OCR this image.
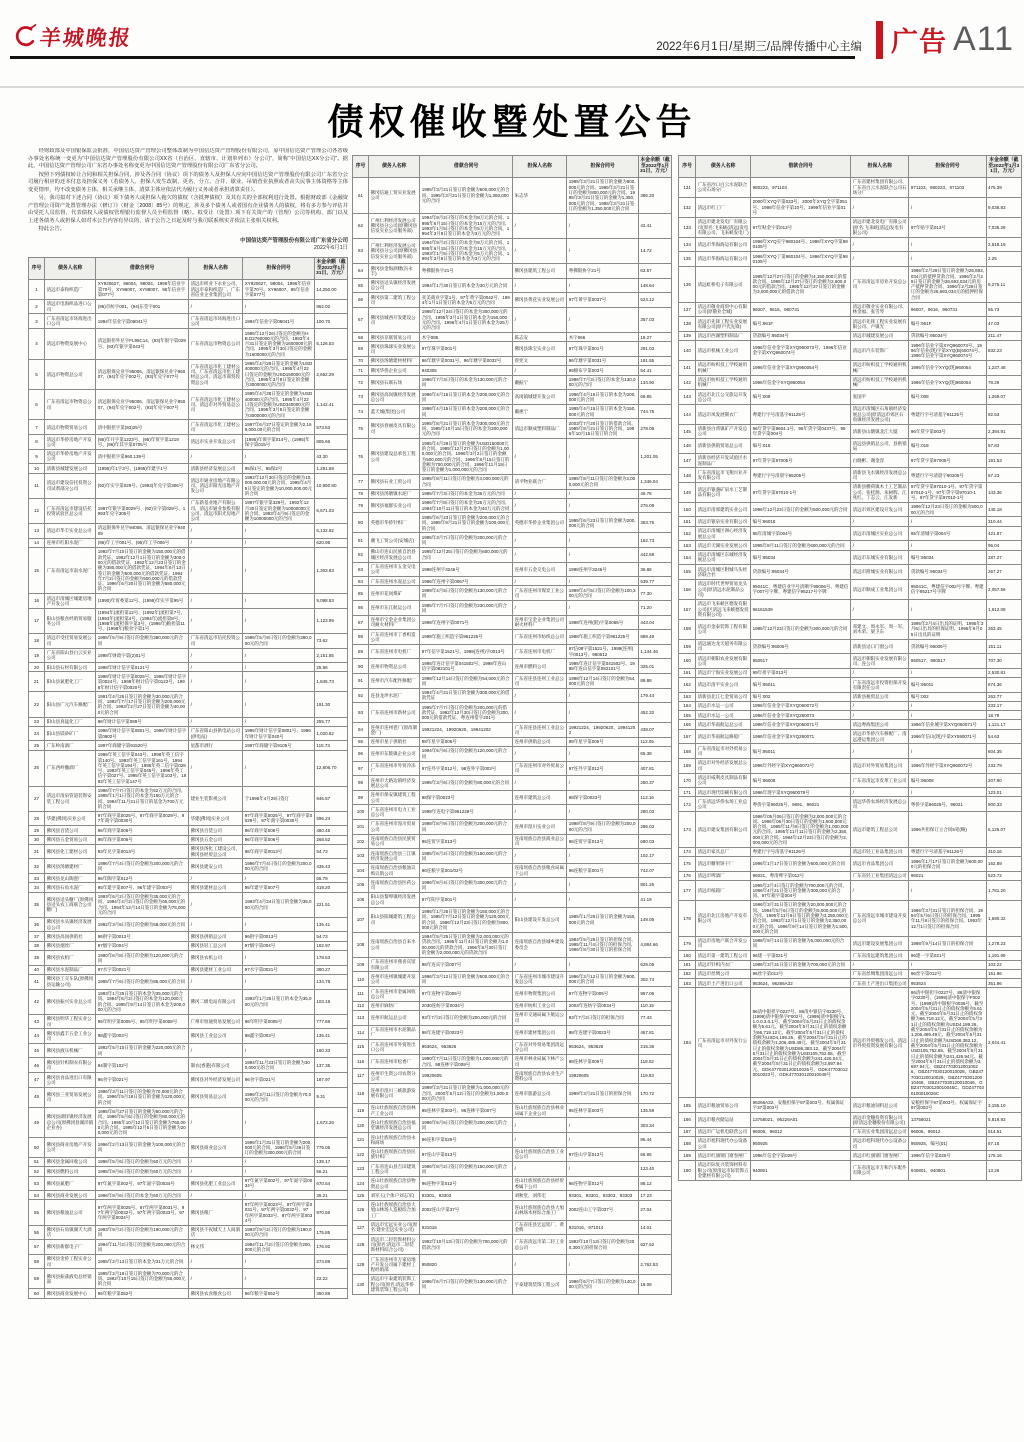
羊城晚报	2022年6月1日/星期三/品牌传播中心主编 广告 A11
债权催收暨处置公告

　　经财政部及中国银保监会批准，中国信达资产管理公司整体改制为中国信达资产管理股份有限公司，原中国信达资产管理公司各省级办事处名称统一变更为“中国信达资产管理股份有限公司XX省（自治区、直辖市、计划单列市）分公司”，简称“中国信达XX分公司”。据此，中国信达资产管理公司广东省办事处名称变更为中国信达资产管理股份有限公司广东省分公司。

　　按照下列债权转让合同和相关担保合同，涉及各合同（协议）项下的债务人及担保人应向中国信达资产管理股份有限公司广东省分公司履行相应的还本付息及担保义务（若债务人、担保人发生改制、更名、分立、合并、歇业、吊销营业执照或者丧失民事主体资格等主体变更情形，均不改变债务主体，相关承继主体、清算主体应依法代为履行义务或者承担清算责任）。

　　另，我司拟对下述合同（协议）项下债务人或担保人拖欠的债权（含抵押债权）及其有关的全部权利进行处置。根据财政部《金融资产管理公司资产处置管理办法（修订）》（财金〔2008〕85号）的规定，涉及多个债务人或者国有企业债务人的债权，将有多方参与评估并由受托人员监督，代表债权人或债权管理银行监督人员全程监督（略）。拟受让（处置）项下有关资产的（管理）公司等机构、部门以及上述各债务人或担保人如对本公告内容有异议的，请于公告之日起及时与我司联系核实并依法主张相关权利。

　　特此公告。

中国信达资产管理股份有限公司广东省分公司
2022年6月1日
序号	债务人名称	借款合同号	担保人名称	担保合同号	本金余额（截至2022年1月31日，万元）
1	清远市泰和织造厂	XY920627、96004、98004、1996年信业字第70号、XY96007、XY98007、95年信业字第077号	清远市织业下永业公司、清远市泰和织造厂、广东省信业企业集团公司	XY920627、98004、1996年信业字第70号、XY96007、95年信业字第077号	14,250.00
2	清远市电海织品进口公司	(96)市纺字001、(94)东莞字001	/	/	862.02
3	广东省清远市环海进出口公司	1994年信业字第06041号	广东省清远市环海进出口公司	1994年信业字第06041号	100.70
4	清远市物资发展中心	清远银担外兑字FL95C14、(93)年银字第029号、(93)年银字第043号	广东省清远市物资总公司	1995年12月26日签定的金额为HB.D2760000元的合同、1993年4月31日签定的金额为1600000元的合同、1995年3月30日签定的金额为1600000元的合同	5,126.53
5	清远市物资总公司	清远银保兑业字95006、清远银保兑业字95007、(94)年兑字002号、(93)年兑字077号	广东省清远市化工建材公司、广东省清远市化工建材总公司、清远市商贸投资总公司	1995年4月28日签定的金额为USD400000元的合同、1995年4月22日签定的金额为USD150000元的合同、1995年3月8日签定的金额为3000000元的合同	2,662.29
6	广东省清远市物资总公司	清远银保兑业字95006、清远银保兑业字95007、(94)年兑字002号、(93)年兑字007号	广东省清远市化工建材公司、清远市对外贸易总公司	1995年4月28日签定的金额为USD400000元的合同、1995年4月22日签定的金额为USD340000元的合同、1995年3月8日签定的金额为3000000元的合同	1,142.41
7	清远市物资贸易公司	清中银担字第(93)25号	广东省清远市化工建材公司	1997年6月27日签定的金额为2,169,000.00元的合同	573.53
8	清远市华侨房地产开发公司	(95)年开字第1223号、(95)年贸字第1219号、(96)年其字第0705号	清远市实业开发总公司	(1995)年保字第014号、(1995)年保字第015号	805.66
9	清远市华侨房地产开发公司	清中银担字第960.139号	/	/	43.30
10	清新县城建发展公司	(1995)年1字3号、(1995)年建字1号	清新县经济发展总公司	95保1号、95保2号	1,291.69
11	清远市建设信托投资公司试剂部分公司	(92)年实字第029号、(1993)年兑字第306号	清远市通业房地产有限公司、清远市阳光房地产开发公司	1992年12月30日签定的金额为10,000,000.00元的合同、1995年4月5日签定的金额为10,000,000.00元的合同	10,950.80
12	广东省清远市建设信托投资试验区总公司	1997年银字第0029号、(92)实字第029号、1993年兑字306号	广东新基业地产有限公司、清远市通业参股有限公司、清远市阳光房地产公司	1997年银字第329号、1992年12月30日签定的金额为10000000元的合同、1993年4月9日签定的金额为10000000元的合同	6,671.03
13	清远市华丰实业总公司	清远银保外兑字94008、清远银保兑业字94009	/	/	6,132.92
14	连州市红阳水泥厂	(95)年工字001号、(95)年工字006号	/	/	620.95
15	广东省清远市南水泥厂	1992年7月10日签订的金额为150,000元的借款凭证、1992年12月1日签订的金额为300,000元的借款凭证、1992年12月23日签订的金额为380,000元的借款凭证、1994年6月13日签订的金额为500,000元的借款凭证、1994年7月2日签订的金额为500,000元的借款凭证、1996年6月20日签订的金额为580,000元的合同	/	/	1,303.93
16	清远市清城区城建房地产开发公司	(1990)年贸委第12号、(1995)年实字第95号	/	/	9,098.83
17	阳山县粮食经销贸易服务公司	(1994年)流担第12号、(1992年)流担第7号、(1993年)流担第4号、(1994年)流担第8号、(1995年)流担保字第3号、(1996年)粮担第11号、(1998年)粮食字第1号	/	/	1,123.99
18	清远市受托贸易发展公司	1995年5月9日签订的金额为380,000元的合同	广东省清远市信托投资公司	1995年5月9日签订的金额为380,000元的合同	73.62
19	广东省阳山县白云实业公司	1998年财政字第(2)01号	/	/	2,151.85
20	阳山县石材有限公司	1998年财计信字第0121号	/	/	25.86
21	阳山县氮肥化工厂	1998年财计信字第0025号、1995年财计信字第0024号、1998年财计信字第0122号、1998年财计信字第0020号	/	/	1,845.73
22	阳山县广元汽车修配厂	1991年4月26日签订的金额为30,000元的合同、1992年7月17日签订的金额为200,000元的合同、1993年2月27日签订的金额为40,000元的合同	/	/	191.30
23	阳山县真锰化工厂	96年财计信字第089号	/	/	255.77
24	阳山县镁砂矿厂	1996年财计信字第0801号、1996年财计信字第0902号	广东省阳山县供电站公司(供电站)	1995年财计信字第0801号、1996年财计信字第040号	1,020.82
25	广东岭南酒厂	1997年商储字第91520号	星都市酒行	1997年商储字第9105号	115.73
26	广东西岭酿酒厂	1996年英工信字第043号、1998年英工信字第140号、1993年英工信字第161号、1994年英工信字第194号、1995年英二信字第028号、1993年英工信字第045号、1996年英工信字第027号、1995年英工信字第103号、1993年英工信字第147号	/	/	12,806.70
27	清远市清泉管道装饰安装工程公司	1996年7月7日签订的本金为52万元的合同、1995年1月1日签订的本金为150万元的合同、1994年11月21日签订的基金为700万元的合同	建业生装影视公司	于1996年4月29日签订	946.57
28	华建(佛冈)实业公司	97年商字第0025号、97年商字第0029号、97年商字第0030号	华建(佛冈)实业公司	97年商字第0025号、97年商字第0029号、97年商字第0030号	596.24
29	佛冈县百货公司	96年商字第006号	佛冈县百货公司	96年商字第006号	480.45
30	佛冈县五金贸易公司	96年商字第006号	佛冈县五金公司	96年商字第006号	268.52
31	佛冈县化工建材公司	93年兑字第0013号	佛冈县汤化工建设公司、佛冈县经贸总公司	96年商字第0013号	54.73
32	佛冈县汤塘建材厂	1996年7月4日签订的金额为200,000元的合同	佛冈县建安公司	1996年7月4日签订的金额为200,000元的合同	435.43
33	佛冈县龙山陶瓷厂	96年陶字第012号	/	/	55.79
34	佛冈县石角水泥厂	95年建字第007号、96年建字第003号	佛冈县建材总公司	95年建字第007号	419.20
35	佛冈县迳头糖厂(原佛冈县迳头农工商联合公司糖厂)	1993年6月2日签订的金额为35,000元的合同、1994年4月2日签订的金额为65,000元的合同、1994年12月14日签订的金额为75,000元的合同	/	1993年4月24日签订的金额为35,000元的合同	221.51
36	佛冈县水头镇经济发展总公司	1992年3月6日签订的金额为58,000元的合同	/	/	135.41
37	佛冈县高岗供销社	96供字第0013号	佛冈县供销总公司	96供字第0013号	54.73
38	佛冈县烟丝厂	97烟字第004号	佛冈县轻工总公司	97烟字第004号	182.97
39	佛冈县农机厂	1990年6月8日签订的金额为120,000元的合同	佛冈县农机公司	/	178.63
40	佛冈县水泥制品厂	97水字第0021号	佛冈县建材工业公司	97水字第0021号	380.27
41	佛冈县工交车队(原佛冈县运输公司)	1995年7月6日签订的金额为85,000元的合同	/	/	134.78
42	佛冈县振兴实业总公司	1993年1月25日签订的本金为35,000元的合同、1994年6月2日签订的本金为120,000元的合同、1995年9月14日签订的本金为200,000元的合同	佛冈二级电站有限公司	1993年1月25日签订的本金为35,000元的合同	103.18
43	佛冈县明华工程实业公司	96年明字第0005号、95年明字第0008号	广州市恒通贸易发展公司	96年明字第0005号	777.69
44	佛冈县鑫丰五金工业公司	98鑫字第003号	佛冈县工业总公司	98鑫字第003号	135.41
45	佛冈县液压机械厂	1992年5月10日签订的金额为220,000元的合同	/	/	160.33
46	佛冈县针织制衣有限公司	94制字第102号	制衣(香港)有限公司	1994年11月23日签订的金额为300,000元的合同	137.35
47	佛冈县食品进出口有限公司	96食字第021号	佛冈县对外经济发展公司	96食字第021号	187.97
48	佛冈县三亚贸易发展公司	1996年3月11日签订的金额为70,000元的合同、1996年5月18日签订的金额为120,000元的合同	佛冈县贸易总公司	1996年3月11日签订的金额为70,000元的合同	9.31
49	佛冈县湖洋镇经济发展总公司(原佛冈县湖洋镇企业办)	1995年8月27日签订的金额为50,000元的合同、1996年5月6日签订的金额为80,000元的合同、1995年10月12日签订的金额为760,000元的合同、1995年12月5日签订的金额为200,000元的合同	/	/	1,673.26
50	佛冈县商业房地产开发公司	1996年2月13日签订的金额为100,000元的合同	佛冈县商业总公司	1996年1月31日签订的金额为200,000元的合同、1996年5月26日签订的金额为300,000元的合同	775.05
51	佛冈县金属回收公司	1996年5月6日签订的金额为60万元的合同	/	/	139.17
52	佛冈县燃料公司	1995年9月6日签订的金额为60万元的合同	/	/	56.21
53	佛冈县氮肥厂	97年氮字第002号、97年氮字第0034号	佛冈县化肥工业总公司	97年氮字第002号、97年氮字第0034号	670.54
54	佛冈县商业发展公司	1996年9月6日签订的本金为60万元的合同	/	/	36.21
55	佛冈县粮油总公司	97年两字第0025号、97年两字第0031号、97年两字第0032号、97年两字第0033号、97年两字第0034号	佛冈县粮厂	97年两字第0023号、97年两字第0031号、97年两字第0032号、97年两字第0033号、97年两字第0034号	970.56
56	佛冈县石角镇湖天大酒店	1993年9月2日签订的金额为190,000元的合同	佛冈县不夜城天上人间酒店	1993年9月2日签订的金额为190,000元的合同	175.85
57	佛冈县新群电子厂	1994年11月2日签订的金额为200,000元的合同	林文伟	1994年11月2日签订的金额为200,000元的合同	176.92
58	佛冈县金侨工程实业公司	1995年2月13日签订的本金为31万元的合同	/	/	274.89
59	佛冈县振荡液电总经销部	1995年2月18日签订的金额为70,000元的合同、1992年10月15日签订的金额为50,000元的合同	/	/	22.22
60	佛冈县商业发展中心	96年粮字第052号	佛冈县农食粮食公司	96年粮字第052号	350.89
序号	债务人名称	借款合同号	担保人名称	担保合同号	本金余额（截至2022年1月31日，万元）
61	佛冈信通工贸实业发展公司	1995年3月21日签订的金额为600,000元的合同、1995年3月21日签订的金额为1,350,000元的合同	朱志华	1995年3月21日签订的金额为600,000元的合同、1995年3月21日签订的金额为800,000元的合同、1995年3月21日签订的金额为1,350,000元的合同、1995年3月21日签订的金额为1,350,000元的合同	386.20
62	广州仁利经济发展公司佛冈县分公司(原佛冈县信发实业公司服务部)	1994年9月2日签订的本金为8万元的合同、1995年6月15日签订的本金为15万元的合同、1993年1月5日签订的本金为5万元的合同、1994年3月8日签订的本金为3万元的合同	/	/	42.41
63	广州仁利经济发展公司佛冈县分公司(原佛冈县信发实业公司服务部)	1994年9月2日签订的本金为8万元的合同、1995年6月15日签订的本金为15万元的合同、1993年1月5日签订的本金为5万元的合同、1994年3月8日签订的本金为3万元的合同	/	/	14.72
64	佛冈县金海酒楼(冯永丰)	粤佛银协字21号	佛冈县建筑工程公司	粤佛银协字21号	63.57
65	佛冈县迳头镇经济发展总公司	1994年1月30日签订的本金为30万元的合同	/	/	148.64
66	佛冈县第二建筑工程公司	亚美商业字第1号、97年黄字第0042号、1994年1月1日签订的本金为5万元的合同	佛冈县黄花实业发展公司	97年黄字第0037号	524.12
67	佛冈县城西开发建设公司	1995年12月24日签订的本金为300,000元的合同、1995年3月1日签订的本金为150,000元的合同、1996年4月1日签订的本金为25万元的合同	/	/	357.03
68	佛冈县京联贸易公司	木字085	陈志安	木字066	19.27
69	佛冈县珠球实业发展公司	97年珠字第001号	佛冈县珠宝实业公司	97年珠字第001号	291.03
70	佛冈县汤塘建材材料厂	96年塘字第0031号、96年塘字第0032号	曾宪文	96年塘字第0031号	191.55
71	佛冈华侨企业公司	940305	/	95棉布字第003号	54.41
72	佛冈县石联石场	1996年7月3日签订的本金为130,000元的合同	戴振宁	1996年7月3日签订的本金为130,000元的合同	134.90
73	佛冈县高岗镇经济发展总公司	1996年4月15日签订的本金为200,000元的合同	高岗镇城建开发公司	1996年4月15日签订的本金为200,000元的合同	69.85
74	蓝天城(集团)公司	1996年4月15日签订的本金为200,000元的合同	戴惠宁	1995年4月15日签订的本金为150,000元的合同	744.75
75	佛冈县春丽皮具有限公司	1995年8月21日签订的本金为300,000元的合同、1995年10月15日签订的本金为200,000元的合同	清远市顺成塑料制品厂	2003年7月20日签订的借款合同、1995年8月21日签订的合同、1995年10月15日签订的合同	278.08
76	佛冈县建设总承包工程公司	1995年4月28日签订的金额为USD150000元的合同、1995年12月27日签订的金额为1,000,000元的合同、1996年3月2日签订的金额为500,000元的合同、1996年8月15日签订的金额为700,000元的合同、1996年11月19日签订的金额为1,000,000元的合同	/	/	1,201.05
77	佛冈县石业工贸公司	1995年8月11日签订的金额为3,000,000元的合同	清平物业联合厂	1995年8月11日签订的金额为3,000,000元的合同	1,346.04
78	佛冈县汤塘镇水泥厂	1995年7月3日签订的本金为35万元的合同	/	/	46.76
79	佛冈县福群实业公司	1996年7月8日签订的本金为25万元的合同、1994年10月11日签订的本金为40万元的合同	/	/	276.08
80	英德市华侨针织厂	1995年6月23日签订的金额为200,000元的合同、1995年9月21日签订的金额为100,000元的合同	英德市华侨企业集团公司	1995年6月23日签订的金额为200,000元的合同	363.76
81	潮飞工贸公司(安城店)	1995年3月7日签订的金额为200,000元的合同	/	/	162.73
82	佛山市连山民族自治县城区经济发展总公司	1995年12月25日签订的金额为600,000元的合同	/	/	442.58
83	广东省连州市五金交电公司	1998连州字3246号	连州市五金交电公司	1998连州字3246号	36.86
84	广东省连州水泥总公司	1996年连州字第0067号	/	/	539.77
85	连州市花岗煤矿	1999年4月5日签订的金额为130,000元的合同	广东省连州市煤炭工业公司	1999年4月5日签订的金额为100,300元的合同	77.30
86	连州市东江航运公司	1995年7月7日签订的金额为230,000元的合同	/	/	71.20
87	连州市宝金企业集团公司耐火材料厂	1998年连州字第0071号	连州市宝金企业集团公司耐火材料厂	1998年连州(银)字第0066号	443.04
88	广东省连州市丁香织造公司	1998年施工织造字第961225号	广东省连州市纺织总公司	1998年施工织造字第961225号	889.49
89	广东省连州市电机厂	97年信字第1521号、1999(连州)字0013号	广东省连州市电机厂	97信08字第1521号、1999(连州)字0013号、980512	1,144.46
90	连州市物资总公司	1995年连计信字第041502号、1998年连山信字第082101号	连州市燃料公司	1995年连计信字第041502号、1998年连山信字第082101号	325.01
91	连州市汽车配件修配厂	1998年12月14日签订的金额为54,000元的合同	广东省连县连州工业总公司	1998年12月14日签订的金额为54,000元的合同	89.88
92	连县龙坪水泥厂	1994年4月21日签订的金额为300,000元的借款凭证	/	/	179.44
93	广东省连州市新材公司	1995年7月7日签订的金额为200,000元的借款凭证、1992年12月30日签订的金额为200,000元的借款凭证、粤连州借字201号	/	/	452.32
94	连州市连州瓷厂(原改制瓷厂)	19921224、19920620、19941202	广东省连县连州工业总公司	19921224、19920620、19941202	438.07
95	连州市星子供销社	98年星字第005号	连州市供销总公司	98年星字第005号	112.05
96	连州市东陂镇企业公司	1994年5月6日签订的金额为120,000元的合同	/	/	65.38
97	广东省连州市外贸冷冻厂	97连外字第012号、98连外字第003号	广东省连州市对外贸易公司	97连外字第012号	407.81
98	连州市大路边镇经济发展总公司	1995年3月6日签订的金额为80,000元的合同	/	/	250.37
99	连州市保安镇建筑工程公司	98保字第0023号	连州市建筑总公司	98保字第0023号	113.16
100	广东省连州市电力工业总公司	1998年连电字第961228号	/	/	280.03
101	广东省连州市湟川贸易公司	1998年8月9日签订的金额为200,000元的合同	连州市湟川实业公司	1998年8月9日签订的金额为200,000元的合同	286.03
102	连南瑶族自治县民族贸易公司	96连贸字第013号	连南瑶族自治县商业总公司	96连贸字第013号	680.03
103	连南瑶族自治县三江镇经济发展公司	1995年6月2日签订的金额为150,000元的合同	/	/	102.17
104	连南瑶族自治县粮油议购议销公司	96连粮字第001/02号	连南瑶族自治县粮食局属下公司	96连粮字第001号	742.07
105	连南瑶族自治县医药公司	1996年9月4日签订的金额为300,000元的合同	/	/	801.26
106	阳山县黎埠镇经济发展总公司	97年阳字第001号	/	/	41.19
107	阳山县阳城建筑工程公司	1995年1月25日签订的金额为150,000元的合同、1995年7月12日签订的金额为120,000元的合同、1996年12月23日签订的金额为800,000元的合同	阳山县建设开发总公司	1995年1月25日签订的金额为150,000元的合同	149.06
108	连南瑶族自治县自来水公司	1994年5月25日签订的金额为2,003,000元的贷款合同、1995年11月4日签订的金额为1,000,000元的贷款合同、1996年8月30日签订的金额为2,000,000元的贷款合同	连南瑶族自治县城乡建设委员会	1994年5月25日签订的担保合同、1995年11月4日签订的担保合同、1996年8月30日签订的担保合同	4,884.66
109	广东省连州市燕喜宾馆有限公司	98年连宾字第007号	/	/	629.05
110	连州市连州镇城建开发公司	1996年3月12日签订的金额为500,000元的合同	广东省连州市城市建设开发总公司	1996年3月12日签订的金额为500,000元的合同	302.74
111	广东省连州市金属回收总公司	97年连物字第005号	连州市物资集团公司	97年连物字第005号	957.06
112	连州市麻纺厂	2030连纺字第0034号	连州市纺织工业公司	2003年连纺字第0034号	110.15
113	连州市航运总公司	93年7月2日签订的金额为200,000元的合同	连州市交通局属下航运公司	93年7月2日签订的担保合同	77.43
114	广东省连州市水泥制品厂	98年连建字第0023号	连州市建材集团公司	98年连建字第0023号	467.81
115	广东省连州市外贸进出口公司	953624、953626	广东省对外贸易集团清远分公司	953624、953626	215.36
116	广东省连州市松香厂	1990年7月11日签订的金额为1,000,000元的合同、98连林字第009号	连州市林业局属下林产公司	98连林字第009号	118.02
117	连州市生资公司农资分公司	19920605	连南瑶族自治县农业生产资料公司	19920605	119.83
118	连州市湟川三峡旅游发展有限公司	1999年3月21日签订的金额为1,000,000元的合同、2000年5月12日签订的金额为1,500,000元的合同	连州市旅游总公司	1999年3月21日签订的担保合同	170.72
119	连山壮族瑶族自治县林产工业公司	95连林字第003号、96连林字第007号	连山壮族瑶族自治县林业局属下企业公司	95连林字第003号	135.59
120	连山壮族瑶族自治县福堂镇经济发展总公司	1996年5月6日签订的金额为200,000元的合同	/	/	303.34
121	连山壮族瑶族自治县永和商场	96连和字第029号	/	/	86.44
122	连山壮族瑶族自治县民族针织厂	97连山字第013号	连山壮族瑶族自治县工业总公司	97连山字第013号	66.95
123	广东省连山县吉田建筑工程公司	1996年8月2日签订的金额为150,000元的合同	/	/	123.40
124	连山壮族瑶族自治县物资总公司	96连物字第012号	连山壮族瑶族自治县经贸委属下公司	96连物字第012号	88.12
125	刘军玉(个体户刘志军)	93301、93303	刘秋堂、刘伟宏	93301、93301、93303、93303	17.23
126	连山壮族瑶族自治县大旭山林场人造板综合加工厂	2002连山字第37号	连山壮族瑶族自治县大旭山林场木材综合加工厂	2002连山工字第037号	27.04
127	清远市宏远实业公司(原名:建业宏远实业公司)	931016	广东省连县宏远铝厂、黄金辉	931016、971014	14.01
128	清远市二轻装饰材料公司(原名:清远市二轻装饰材料综合公司)	1992年10月13日签订的金额为700,000元的借款合同	广东省清远市第二轻工业总公司	1992年10月13日签订的金额为200,300元的担保合同	627.52
129	广东省连州市万家房地产开发公司属下建材工程经销部	950820	/	/	2,762.53
130	清远市宇泰建筑装饰工程公司(原名:清远华侨建筑装饰工程公司)	1996年6月7日签订的金额为130,000元的合同	宇泰建筑装饰工程公司	1996年6月7日签订的金额为140,000元的合同	19.08
序号	债务人名称	借款合同号	担保人名称	担保合同号	本金余额（截至2022年1月31日，万元）
131	广东省沙口白云水泥联合公司石场分厂	980223、971103	广东省建材集团有限公司、广东省白云水泥联合公司石场分厂	971103、980223、971103	476.39
132	清远市红工厂	2000年XYQ字第033号、2000年XYQ全字第051号、1998年信业字第10号、1999年信业字第01号	/	/	9,036.83
133	清远市建北发电厂有限公司(原名:飞来峡(清远)发电有限公司、飞来峡发电厂)	97年贴金字第013号	清远市建北发电厂有限公司(原名:飞来峡(清远)发电有限公司)	97年贴字第013号	7,035.28
134	清远市华海海运有限公司	1996年XYQ实字980104号、1996年XYQ字第980105号	/	/	2,618.19
135	清远市华海海运有限公司	1996年XYQ丁第980104号、1996年XYQ字第980105号	/	/	2.25
136	清远虹桥电子有限公司	1995年12月27日签订的金额为4,150,000元的借款合同、1995年12月27日签订的金额为2,600,000元的借款合同、1995年12月27日签订的金额为3,000,000元的借款合同	广东省清远市房业开发总公司	1996年2月29日签订的金额为26,693,034元的抵押贷款合同、1996年2月29日签订的金额为26,693,034元的房产抵押贷款合同、1996年2月29日签订的金额为26,693,034元的抵押担保合同	6,275.11
137	清远市敬业商贸中心有限公司(原敬业全城)	96007、9616、960731	清远市敬业实业有限公司、林金福、张雪琴	96007、9616、960731	55.73
138	清远市先锋工程实业发展有限公司(原卢氏先锋)	编号:961F	清远市先锋工程实业发展有限公司、卢镇光	编号:961F	47.03
139	清远市西湖塑料制品厂	贷款编号:95034号	清远市城建发展公司	贷款编号:95034号	211.47
140	清远市机械工业公司	1996年信业金字第XYQ960073号、1996年信业金字第XYQ960074号	清远市汽车装饰厂	1996年信业字第XYQ960073号、1996年信业(现)字第XYQ(B)60074号、1996年信业字第XYQ960074号	832.23
141	清远市纺织技工学校通用机械厂	1996年信业金字第XYQ960054号	清远市纺织技工学校通用机械厂	1996年信业字XYQ(现)960054	1,237.48
142	清远市纺织技工学校通用机械厂	1996年信金字XYQ960054	清远市纺织技工学校通用机械厂	1996年信业字XYQ(现)960054	78.29
143	清远市北江公交旅运开发总公司	编号:008	张国平	编号:008	1,269.07
144	清远市凤发展制衣厂	粤建行字号清基字91125号	清远市清城区石角镇经济发展总公司(原清远市郊区石角镇经济发展公司)	粤建行字号清基字91125号	92.53
145	清新县白湾镇矿产开发总公司	96年贷字第9604.1号、96年贷字第0437号、99年贷字第004号	清新县山塘镇北江大厦	96年贷字第003号	2,394.91
146	清新县供销贸易总公司	编号:018	清远县供销总公司、县供销局	编号:018	57.83
147	清新县经济开发试验区水泥制品厂	97年贷字第97005号	白晓彬、谢金容	97年贷字第97005号	191.53
148	广东省清远市飞翔兴业开发有限公司	粤建行字号清晨字95205号	清新县飞水镇经济发展总公司	粤建行字号清晨字90205号	67.23
149	清远市银盏矿泉水工艺制品有限公司	97年贷字第97010-1号	清新县横荷镇木土工艺制品公司、张桂源、朱树辉、江兆红、丁志云、江发新	97年贷字第97010-1号、97年贷字第97010-1号、97年贷字第97010-1号、97年贷字第97010-1号	143.36
150	清远市清郊建筑实业公司	1996年12月23日签订的金额为500,000元的合同	清远市郊区建设开发公司	1996年12月23日签订的金额为500,000元的合同	145.18
151	清远市银泉实业有限公司	编号:96018	/	/	310.44
152	清远市清城区洲心经济发展总公司	95年清城字第004号	清远市清城区实业总公司	95年清城字第004号	421.87
153	清远市天湖实业发展公司	1995年8月11日签订的金额为600,000元的合同	/	/	96.04
154	清远市清城区东城经济发展总公司	编号:95034	清远市东城实业有限公司	编号:95034	287.27
155	清远市清城区附城马头经济联合社	贷款编号:95034号	清远市附城实业有限公司	贷款编号:95034号	267.27
156	清远市时代世界贸易龙头公司(原清远水泥制品公司)	95041C、粤建信业字号清顺字95006号、粤建信字007号字牌、粤建信字95217号字牌	清远市顺成工业集团公司	95041C、粤建信字002号字牌、粤建信字95217号字牌	2,057.56
157	清远市飞来峡区德发有限公司(区清远飞来峡德发投资有限公司)	96161539	/	/	1,612.08
158	清远市金泰装饰工程有限公司	1995年12月23日签订的金额为300,000元的合同	邓建文、周永军、周一军、刘木荣、梁卫东	1995年2月4日出具的证明、1995年3月6日出具的担保证明、1996年9月05日出具的证明	263.45
159	清远通达龙天船务有限公司	贷款编号:96005号	清新县迳口门窗公司	贷款编号:96005号	151.11
160	清远市朝阳农业发展有限公司	950517	清远市朝阳实业发展有限公司、连公司	950517、950517	707.30
161	清远市宁海实业发展公司	99年担字第013号	/	/	2,530.81
162	清远市清平实业公司	编号:95011	广东省清远市投资担保开发有限责任公司	编号:95011	674.36
163	清新县北江七金贸易公司	编号:002	清新县税贸总公司	编号:002	263.77
164	清远市水运一公司	1996年信业金字第XYQ060072号	/	/	233.17
165	清远市水运一公司	1996年信业金字第XYQ280073	/	/	18.79
166	清远市华南航运总公司	1996年信业金字第XYQ060071号	清远粤海集团公司	1996年信业城字第XYQ060071号	1,121.17
167	清远市华南航运修船厂	1996年信业金字第XYQ280071	清远市华侨汽车修配厂、清远港运集团公司	1996年信山(现)字第XY590071号	54.63
168	广东省清远市对外贸易公司	编号:95011	/	/	604.35
169	清远市对外经济发展总公司	1996年外经字第XYQ960072号	清远市对外贸易集团公司	1996年外经字第XYQ960072号	233.79
170	清远市威利皮具制品有限公司	编号:96008	广东省清远市皮革工业公司	编号:96008	207.90
171	清远市现代印刷有限公司	1996年现字第XYQ960078号	/	/	123.01
172	广东清远华侨农场工业总公司	粤侨字第96025号、9691、96021	清远华侨农场经济发展总公司	粤侨字第96025号、96021	900.33
173	清远市建安集团有限公司	1996年05月06日签订的金额为2,000,000元的合同、1996年06月30日签订的金额为1,500,000元的合同、1995年11月8日签订的金额为1,000,000元的合同、1995年11月11日签订的金额为2,350,000元的合同、1994年12月23日签订的金额为3,000,000元的合同	清远市建筑工程总公司	1996共担保订立合同5笔(略)	5,125.07
174	清远市家具总厂	粤建行字号清基字91126号	清远市轻工业品集团公司	粤建行字号清基字91126号	310.16
175	清远市糖果饼干厂	1996年1月17日签订的金额为600,000元的合同	清远市食品集团公司	1996年1月17日签订的金额为600,000元的担保合同	162.89
176	清远市啤酒厂	96021、粤清啤字第012号	广东省轻工业集团清远公司	96021	523.72
177	清远市纸箱厂	1995年2月4日签订的金额为700,000元的合同、1996年4月21日签订的金额为300,000元的合同、97年箱字第004号	/	/	1,781.20
178	清远市北江房地产开发有限公司	1996年3月31日签订的金额为20,000,000元的合同、1994年5月6日签订的金额为5,000,000元的合同、1995年11月8日签订的金额为3,250,000元的合同、1993年12月1日签订的金额为2,350,000元的合同、1996年9月14日签订的金额为1,500,000元的合同	广东省清远市城市建设开发总公司	1996年3月31日签订的担保合同、1994年5月6日签订的担保合同、1995年11月8日签订的担保合同、1993年12月1日签订的担保合同	1,690.32
179	清远市房地产联合开发公司	1998年9月14日签订的金额为5,000,000元的合同	清远市建设发展集团公司	1998年9月14日签订的担保合同	1,278.23
180	清远市第一建筑工程公司	96建一字第021号	广东省清远建筑集团公司	96建一字第021号	1,191.99
181	清远市针织内衣厂	1996年3月31日签订的金额为700,000元的合同	/	/	103.22
182	清远市丝绸公司	96丝字第012号	广东省丝绸集团清远公司	96丝字第012号	151.96
183	清远市土产进出口公司	953624、96266A32	广东省土产进出口集团公司	953624	351.96
184	广东省清远市对外发行公司	86清中银担字0227号、86清中银信字0230号、(1999)清中银保字F002号、(1999)清中银根字L1.0.0.3.0.1号、截至2004年5月31日止的债权余额为5.61元、截至2004年5月31日止的债权余额为66,719.12元、截至2004年5月31日止的债权余额为USD4,199.26、截至2004年5月31日止的债权余额为1,206,489.49元、截至2004年5月31日止的债权余额为USD86,383.12、截至2004年5月31日止的债权余额为USD105,752.65、截至2004年5月31日止的债权余额为241,426.04元、截至2004年5月31日止的债权余额为3,697.94元、GDK477030120010026号、GDK477030120010023号、GDK477030120010049号	清远市外贸棉发公司、清远市外贸投资发展有限公司	86清中银担字0227号、86清中银保字0230号、(1999)清中银保字F002号、(1999)清中银根字0036号、截至2004年5月31日止的债权余额为5.61元、截至2004年5月31日止的债权余额为66,719.12元、截至2004年5月31日止的债权余额为USD4,199.26、截至2004年5月31日止的债权余额为1,206,489.49元、截至2004年5月31日止的债权余额为USD68,383.12、截至2004年5月31日止的债权余额为USD105,752.65、截至2004年5月31日止的债权余额为241,426.94元、截至2004年5月31日止的债权余额为3,697.94元、GBZ477030120010026、GBZ477030120010028、GBZ477030120010029、GBZ477030120010468、GBZ477030120010046、GBZ477030120010045C、GDZ477030100010026C	2,044.41
185	清远市粮油贸易公司	96266A32、安粮担保字97第003号、权属保证字37第003号	清远市粮油饲料总公司	安粮担保字97第003号、权属保证字97第003号	3,155.10
186	清远市粮食储运站	13758021、96226A01	清远市金穗投资有限公司(原清远金穗股份有限公司)	13758021	5,819.93
187	清远市广运机电联营公司	96006、96012	广东省实业集团清远总公司	96006、96012	514.51
188	清远市旭科现代办公设备公司	950925	清远市旭科现代办公设备公司	950925、编号(01)	67.15
189	清远市红旗钢门窗卷闸厂	1996年信金字第025号	清远市红旗钢门窗卷闸厂	1996年信字第025号	176.16
190	清远市际复兴装饰材料有限公司(原清远市际装饰五金建材有限公司)	940801	广东省清远市万和汽车配件有限公司	940801、940801	13.26
